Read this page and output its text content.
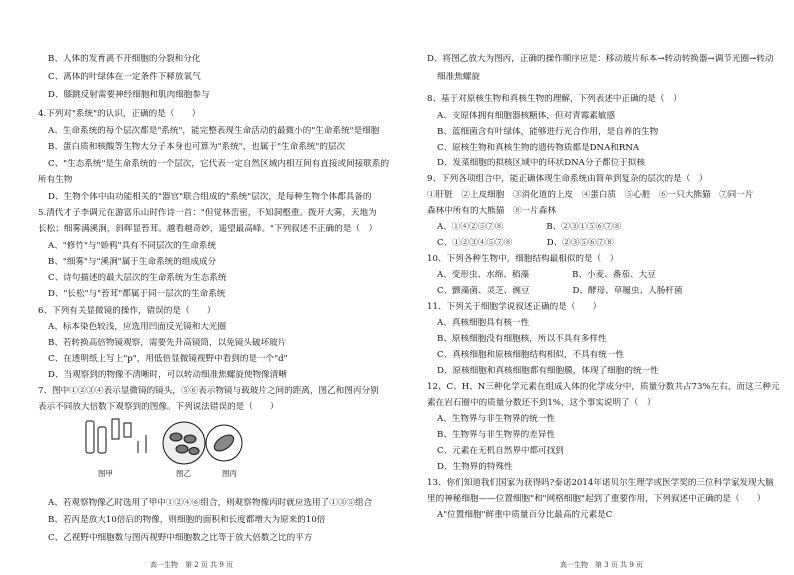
图甲	图乙	图丙
高一生物　第 2 页 共 9 页	高一生物　第 3 页 共 9 页
B、人体的发育离不开细胞的分裂和分化
C、离体的叶绿体在一定条件下释放氧气
D、膝跳反射需要神经细胞和肌肉细胞参与
4.下列对"系统"的认识，正确的是（　　）
A、生命系统的每个层次都是"系统"，能完整表现生命活动的最微小的"生命系统"是细胞
B、蛋白质和核酸等生物大分子本身也可算为"系统"，也属于"生命系统"的层次
C、"生态系统"是生命系统的一个层次，它代表一定自然区域内相互间有直接或间接联系的
所有生物
D、生物个体中由功能相关的"器官"联合组成的"系统"层次，是每种生物个体都具备的
5.清代才子李调元在游富乐山时作诗一首："但觉林峦密，不知洞壑重。拨开大雾，天地为
长松；细雾满溪涧，斜晖显苔茸。越看越奇妙，遥望最高峰。"下列叙述不正确的是（　）
A、"修竹"与"娇鸦"具有不同层次的生命系统
B、"细雾"与"溪涧"属于生命系统的组成成分
C、诗句描述的最大层次的生命系统为生态系统
D、"长松"与"苔茸"都属于同一层次的生命系统
6、下列有关显微镜的操作，错误的是（　　）
A、标本染色较浅，应选用凹面反光镜和大光圈
B、若转换高倍物镜观察，需要先升高镜筒，以免镜头破坏玻片
C、在透明纸上写上"p"，用低倍显微镜视野中看到的是一个"d"
D、当观察到的物像不清晰时，可以转动细准焦螺旋使物像清晰
7、图中①②③④表示显微镜的镜头，⑤⑥表示物镜与载玻片之间的距离，图乙和图丙分别
表示不同放大倍数下观察到的图像。下列说法错误的是（　　）
A、若观察物像乙时选用了甲中①②④⑥组合，则观察物像丙时就应选用了①③⑤组合
B、若丙是放大10倍后的物像，则细胞的面积和长度都增大为原来的10倍
C、乙视野中细胞数与图丙视野中细胞数之比等于放大倍数之比的平方
D、将图乙放大为图丙，正确的操作顺序应是：移动玻片标本→转动转换器→调节光圈→转动
细准焦螺旋
8、基于对原核生物和真核生物的理解，下列表述中正确的是（　）
A、支原体拥有细胞器核糖体，但对青霉素敏感
B、蓝细菌含有叶绿体，能够进行光合作用，是自养的生物
C、原核生物和真核生物的遗传物质都是DNA和RNA
D、发菜细胞的拟核区域中的环状DNA分子都位于拟核
9、下列各项组合中，能正确体现生命系统由简单到复杂的层次的是（　）
①肝脏　②上皮细胞　③消化道的上皮　④蛋白质　⑤心脏　⑥一只大熊猫　⑦同一片
森林中所有的大熊猫　⑧一片森林
A、①④②⑤⑦⑧　　　　　B、②③①⑤⑥⑦⑧
C、①②③④⑤⑦⑧　　　　D、②③⑤⑥⑦⑧
10、下列各种生物中，细胞结构最相似的是（　）
A、变形虫、水绵、稻藻　　　　　B、小麦、番茄、大豆
C、颤藻菌、灵芝、豌豆　　　　　D、酵母、草履虫、人肠杆菌
11、下列关于细胞学说叙述正确的是（　　）
A、真核细胞具有核一性
B、原核细胞没有细胞核，所以不具有多样性
C、真核细胞和原核细胞结构相似，不具有统一性
D、原核细胞和真核细胞都有细胞膜，体现了细胞的统一性
12、C、H、N三种化学元素在组成人体的化学成分中，质量分数共占73%左右，而这三种元
素在岩石圈中的质量分数还不到1%，这个事实说明了（　）
A、生物界与非生物界的统一性
B、生物界与非生物界的差异性
C、元素在无机自然界中都可找到
D、生物界的特殊性
13、你们知道我们国家为获得吗?泰诺2014年诺贝尔生理学或医学奖的三位科学家发现大脑
里的神秘细胞——位置细胞"和"网格细胞"起到了重要作用，下列叙述中正确的是（　　）
A"位置细胞"鲜重中质量百分比最高的元素是C
